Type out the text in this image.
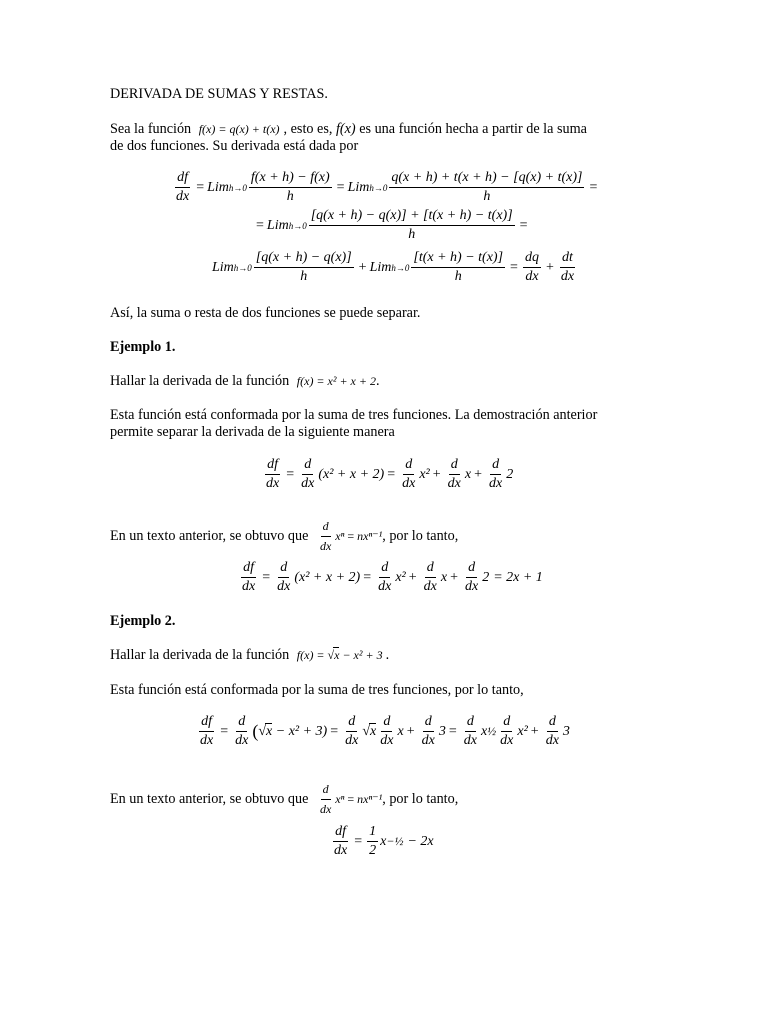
DERIVADA DE SUMAS Y RESTAS.
Sea la función f(x) = q(x) + t(x) , esto es, f(x) es una función hecha a partir de la suma
de dos funciones. Su derivada está dada por
$\frac{df}{dx}$ = Lim $h\to 0 \frac{f(x + h) - f(x)}{h}$ = Lim $h\to 0 \frac{q(x + h) + t(x + h) - [q(x) + t(x)]}{h}$ =
= Lim $h\to 0 \frac{[q(x + h) - q(x)] + [t(x + h) - t(x)]}{h}$ =
Lim $h\to 0 \frac{[q(x + h) - q(x)]}{h}$ + Lim $h\to 0 \frac{[t(x + h) - t(x)]}{h} = \frac{dq}{dx} + \frac{dt}{dx}$
Así, la suma o resta de dos funciones se puede separar.
Ejemplo 1.
Hallar la derivada de la función f(x) = x² + x + 2.
Esta función está conformada por la suma de tres funciones. La demostración anterior
permite separar la derivada de la siguiente manera
$\frac{df}{dx} = \frac{d}{dx} (x^2 + x + 2) = \frac{d}{dx} x^2 + \frac{d}{dx}$ $x + \frac{d}{dx} 2$
En un texto anterior, se obtuvo que $\frac{d}{dx}$ xⁿ = nxⁿ⁻¹ , por lo tanto,
$\frac{df}{dx} = \frac{d}{dx} (x^2 + x + 2) = \frac{d}{dx} x^2 + \frac{d}{dx}$ $x + \frac{d}{dx} 2 = 2x + 1$
Ejemplo 2.
Hallar la derivada de la función f(x) = √x − x² + 3 .
Esta función está conformada por la suma de tres funciones, por lo tanto,
$\frac{df}{dx} = \frac{d}{dx}$ ( √ x
− $x^2 + 3) = \frac{d}{dx}$ √ x $\frac{d}{dx}$ $x + \frac{d}{dx} 3 = \frac{d}{dx}$ x ½ $\frac{d}{dx} x^2 + \frac{d}{dx} 3$
En un texto anterior, se obtuvo que $\frac{d}{dx}$ xⁿ = nxⁿ⁻¹ , por lo tanto,
$\frac{df}{dx} = \frac{1}{2}$ x −½ − 2x
